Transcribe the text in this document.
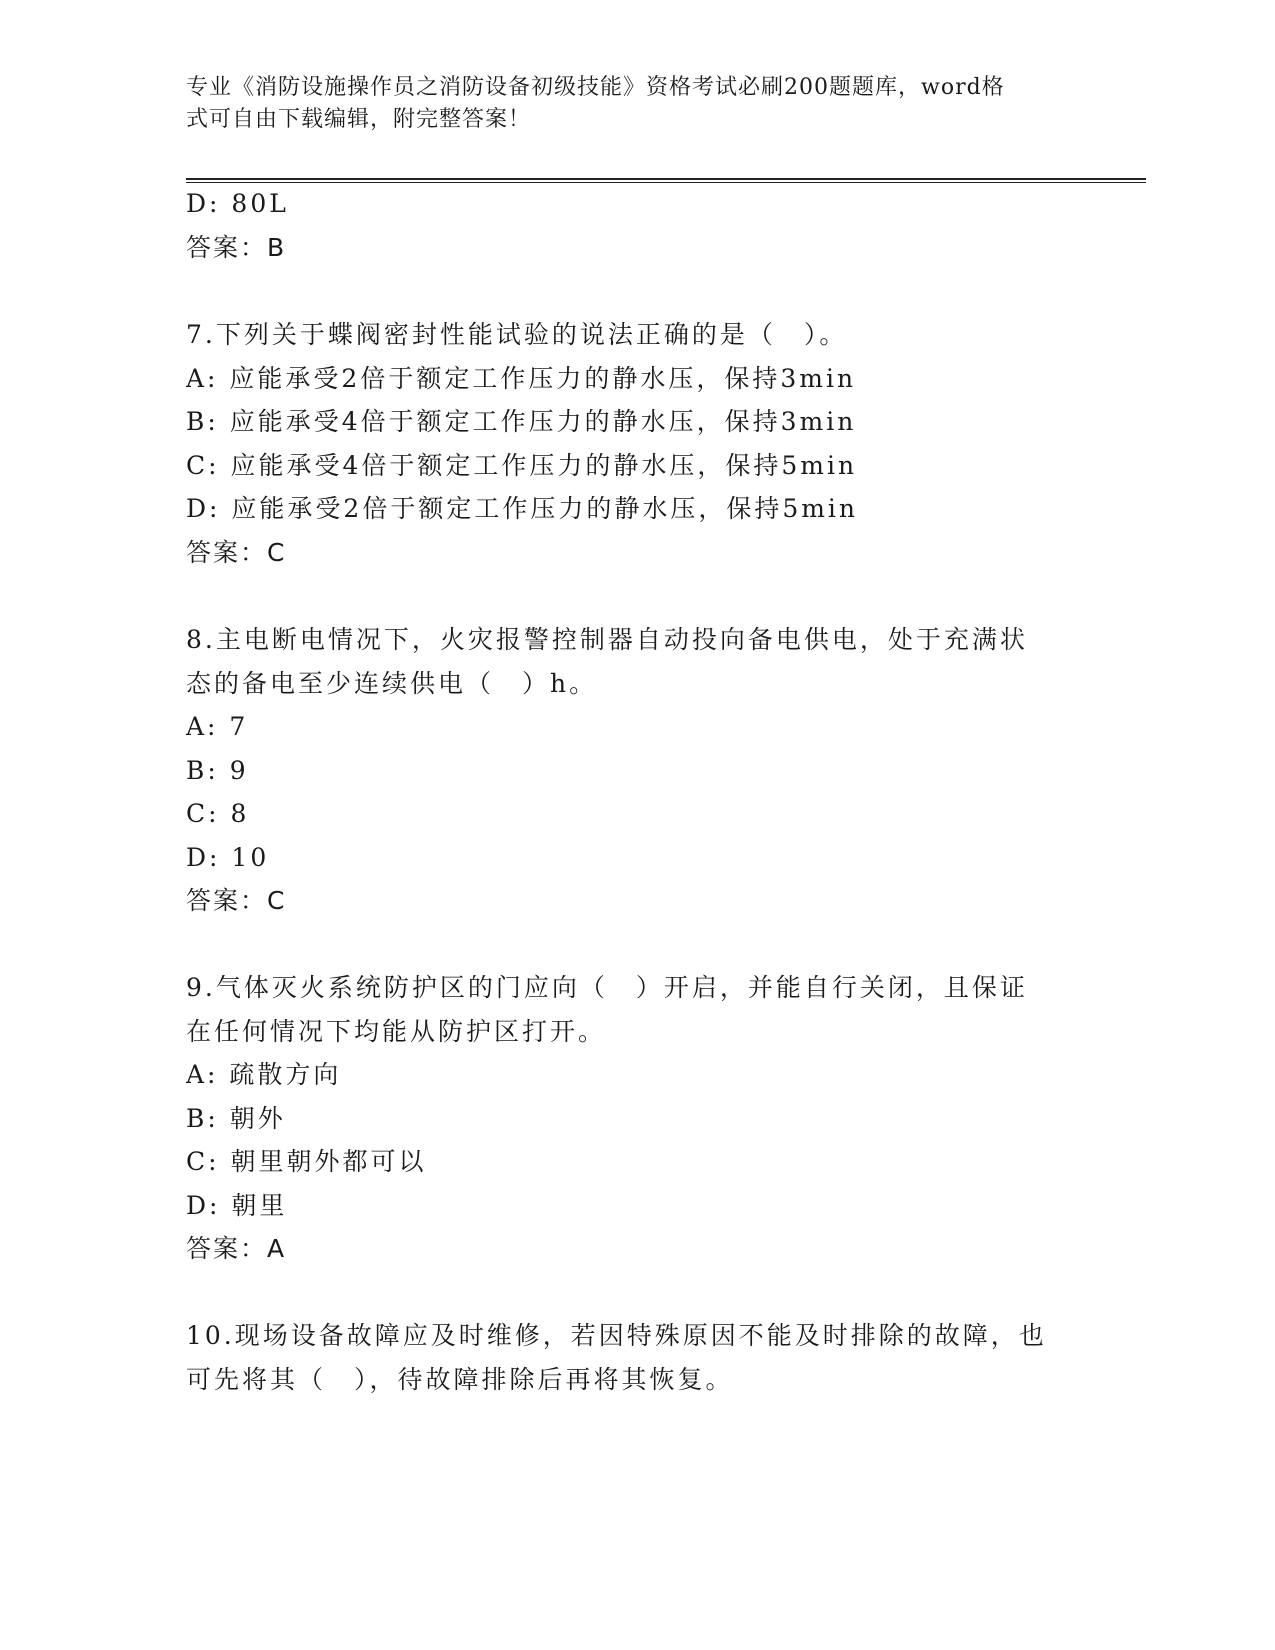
专业《消防设施操作员之消防设备初级技能》资格考试必刷200题题库，word格
式可自由下载编辑，附完整答案！
D: 80L
答案：B
7.下列关于蝶阀密封性能试验的说法正确的是（　）。
A: 应能承受2倍于额定工作压力的静水压，保持3min
B: 应能承受4倍于额定工作压力的静水压，保持3min
C: 应能承受4倍于额定工作压力的静水压，保持5min
D: 应能承受2倍于额定工作压力的静水压，保持5min
答案：C
8.主电断电情况下，火灾报警控制器自动投向备电供电，处于充满状
态的备电至少连续供电（　）h。
A: 7
B: 9
C: 8
D: 10
答案：C
9.气体灭火系统防护区的门应向（　）开启，并能自行关闭，且保证
在任何情况下均能从防护区打开。
A: 疏散方向
B: 朝外
C: 朝里朝外都可以
D: 朝里
答案：A
10.现场设备故障应及时维修，若因特殊原因不能及时排除的故障，也
可先将其（　），待故障排除后再将其恢复。
